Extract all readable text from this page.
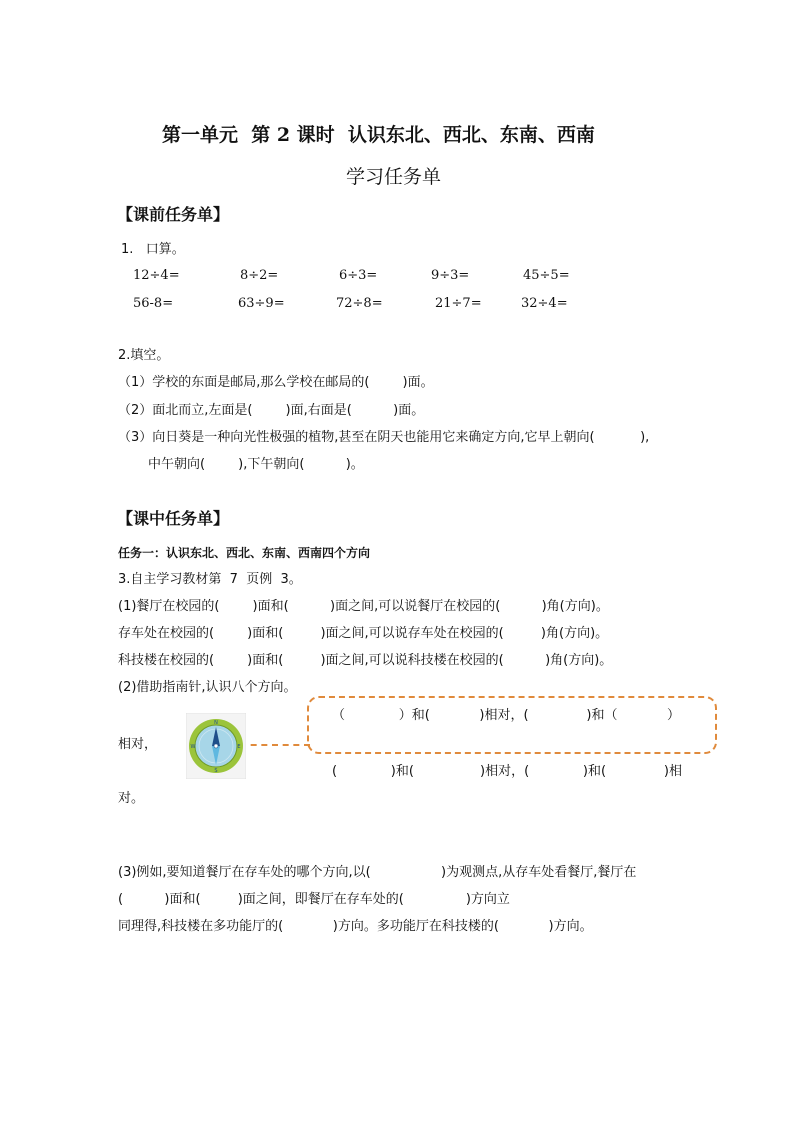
第一单元  第 2 课时  认识东北、西北、东南、西南
学习任务单
【课前任务单】
1.   口算。
12÷4=	8÷2=	6÷3=	9÷3=	45÷5=
56-8=	63÷9=	72÷8=	21÷7=	32÷4=
2.填空。
（1）学校的东面是邮局,那么学校在邮局的(        )面。
（2）面北而立,左面是(        )面,右面是(          )面。
（3）向日葵是一种向光性极强的植物,甚至在阴天也能用它来确定方向,它早上朝向(           ),
中午朝向(        ),下午朝向(          )。
【课中任务单】
任务一：认识东北、西北、东南、西南四个方向
3.自主学习教材第  7  页例  3。
(1)餐厅在校园的(        )面和(          )面之间,可以说餐厅在校园的(          )角(方向)。
存车处在校园的(        )面和(         )面之间,可以说存车处在校园的(         )角(方向)。
科技楼在校园的(        )面和(         )面之间,可以说科技楼在校园的(          )角(方向)。
(2)借助指南针,认识八个方向。
（             ）和(            )相对，(              )和（            ）
相对，
(             )和(                )相对，(             )和(              )相
对。
N
S
W	E
(3)例如,要知道餐厅在存车处的哪个方向,以(                 )为观测点,从存车处看餐厅,餐厅在
(          )面和(         )面之间，即餐厅在存车处的(               )方向立
同理得,科技楼在多功能厅的(            )方向。多功能厅在科技楼的(            )方向。
